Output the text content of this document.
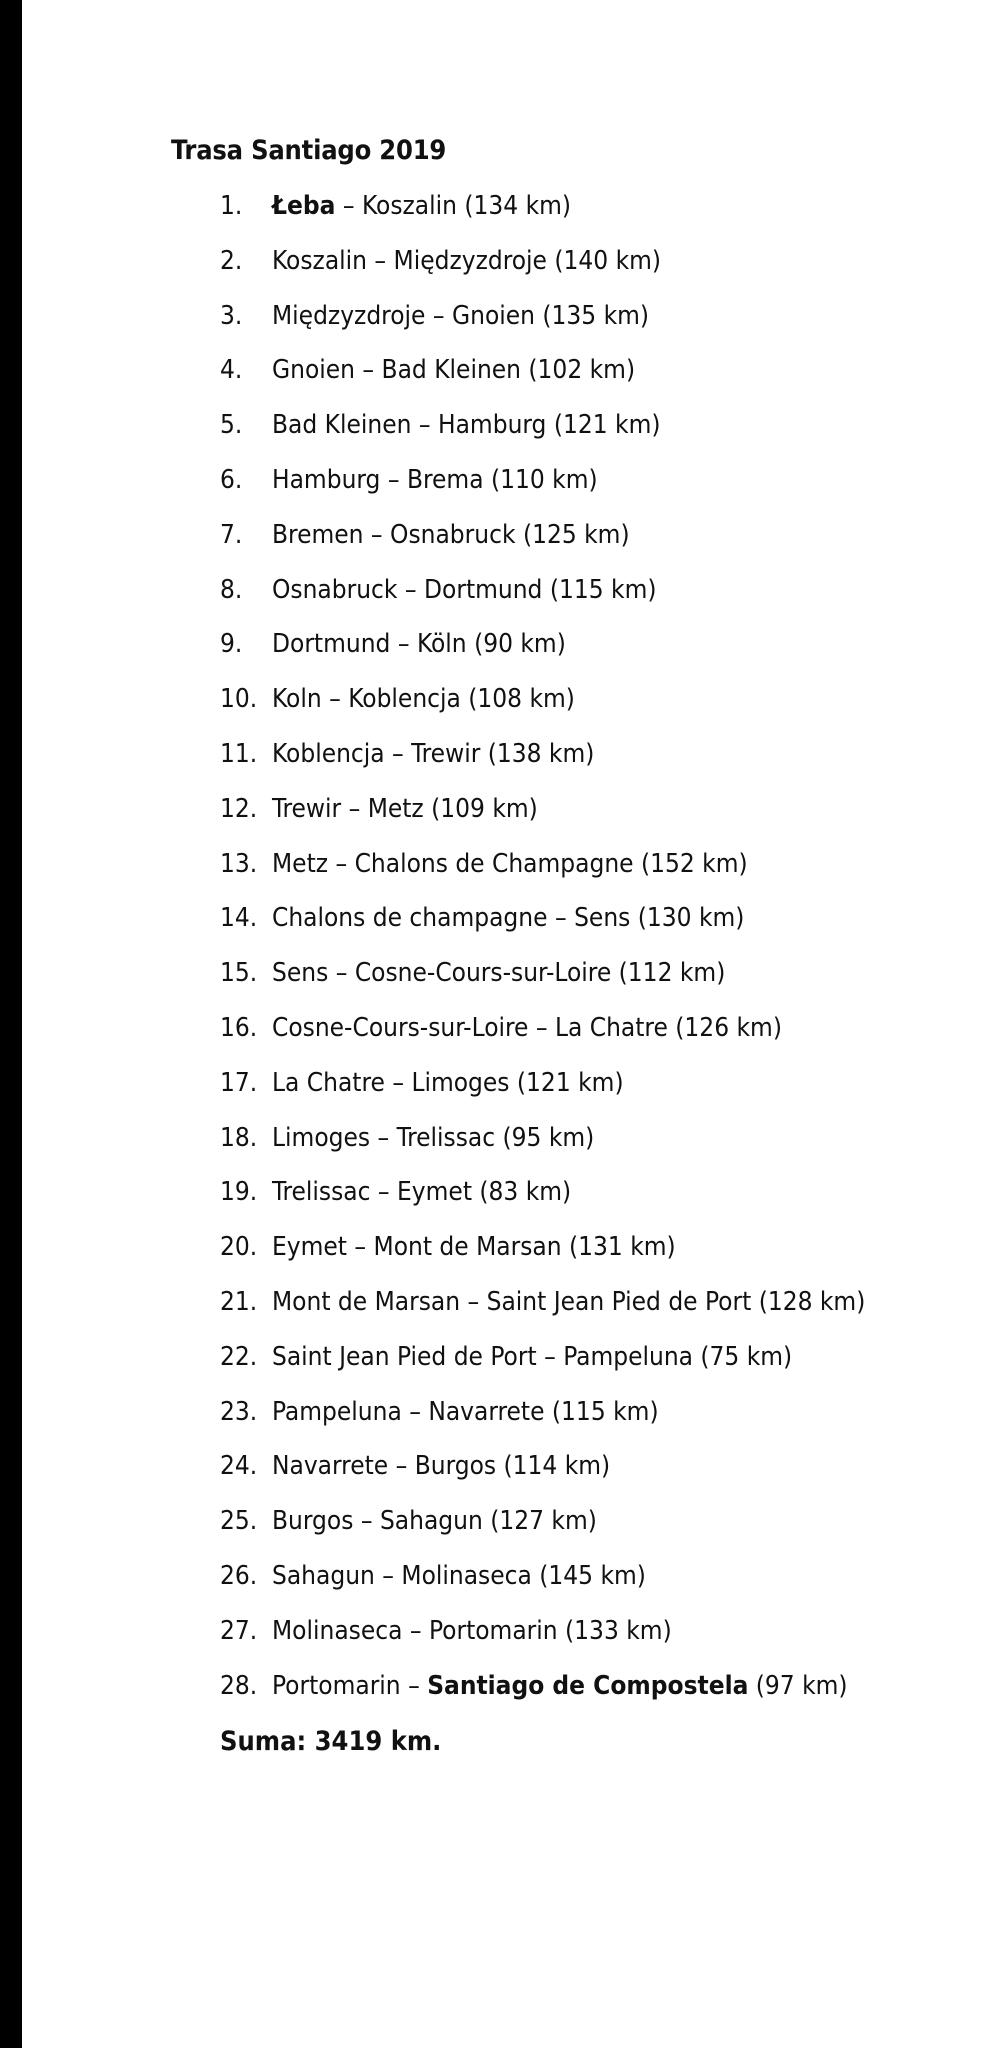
Trasa Santiago 2019
1. Łeba – Koszalin (134 km)
2. Koszalin – Międzyzdroje (140 km)
3. Międzyzdroje – Gnoien (135 km)
4. Gnoien – Bad Kleinen (102 km)
5. Bad Kleinen – Hamburg (121 km)
6. Hamburg – Brema (110 km)
7. Bremen – Osnabruck (125 km)
8. Osnabruck – Dortmund (115 km)
9. Dortmund – Köln (90 km)
10. Koln – Koblencja (108 km)
11. Koblencja – Trewir (138 km)
12. Trewir – Metz (109 km)
13. Metz – Chalons de Champagne (152 km)
14. Chalons de champagne – Sens (130 km)
15. Sens – Cosne-Cours-sur-Loire (112 km)
16. Cosne-Cours-sur-Loire – La Chatre (126 km)
17. La Chatre – Limoges (121 km)
18. Limoges – Trelissac (95 km)
19. Trelissac – Eymet (83 km)
20. Eymet – Mont de Marsan (131 km)
21. Mont de Marsan – Saint Jean Pied de Port (128 km)
22. Saint Jean Pied de Port – Pampeluna (75 km)
23. Pampeluna – Navarrete (115 km)
24. Navarrete – Burgos (114 km)
25. Burgos – Sahagun (127 km)
26. Sahagun – Molinaseca (145 km)
27. Molinaseca – Portomarin (133 km)
28. Portomarin – Santiago de Compostela (97 km)
Suma: 3419 km.
